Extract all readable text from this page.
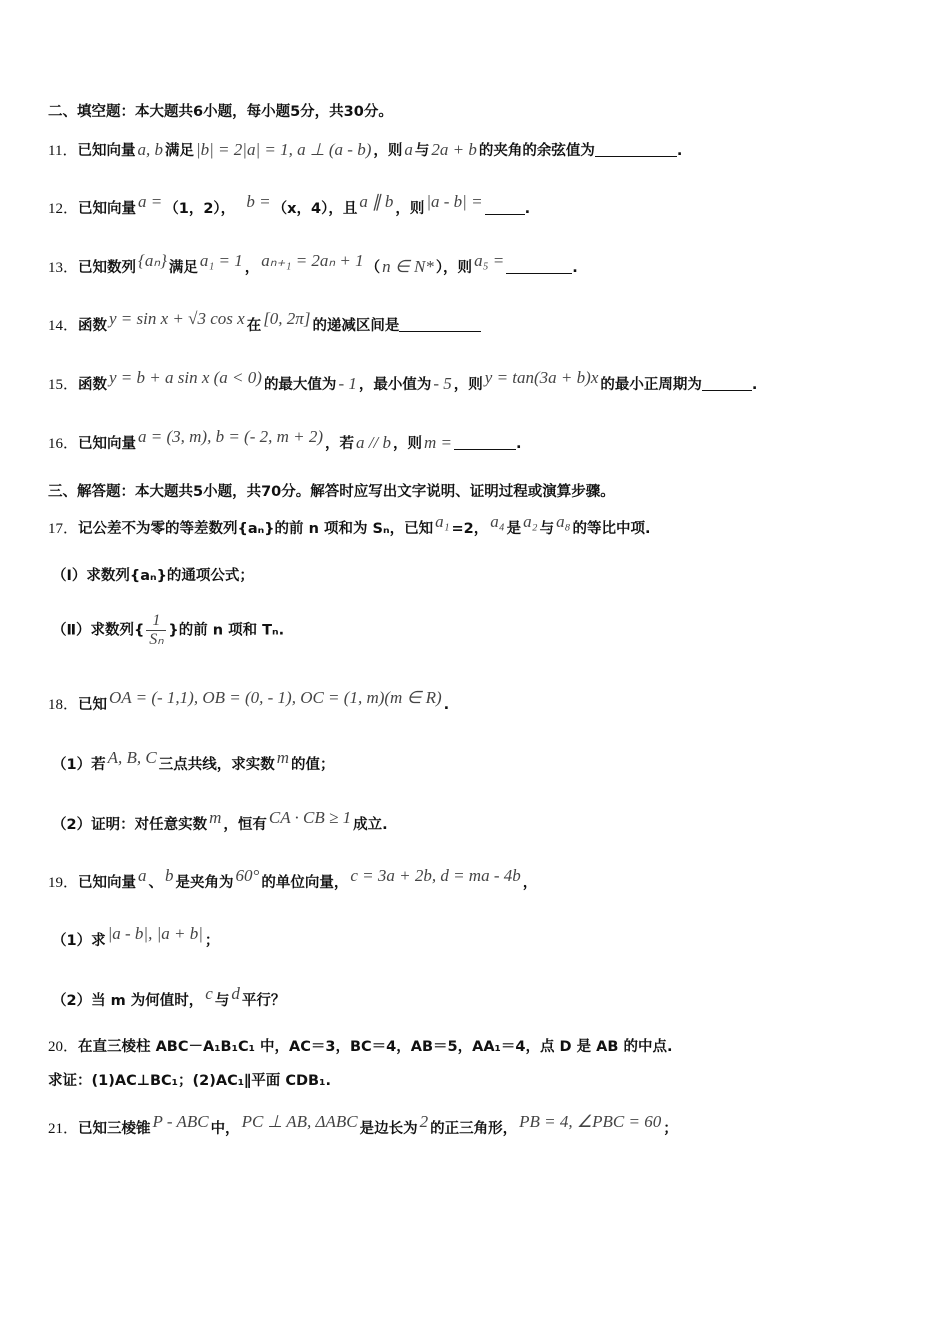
二、填空题：本大题共6小题，每小题5分，共30分。
11．已知向量 a, b 满足 |b| = 2|a| = 1, a ⊥ (a - b) ，则 a 与 2a + b 的夹角的余弦值为	.
12．已知向量 a = （1，2）， b = （x，4），且 a ∥ b ，则 |a - b| =	.
13．已知数列 {aₙ} 满足 a₁ = 1 ， aₙ₊₁ = 2aₙ + 1 （ n ∈ N* ），则 a₅ =	.
14．函数 y = sin x + √3 cos x 在 [0, 2π] 的递减区间是
15．函数 y = b + a sin x (a < 0) 的最大值为 - 1 ，最小值为 - 5 ，则 y = tan(3a + b)x 的最小正周期为	.
16．已知向量 a = (3, m), b = (- 2, m + 2) ，若 a // b ，则 m =	.
三、解答题：本大题共5小题，共70分。解答时应写出文字说明、证明过程或演算步骤。
17．记公差不为零的等差数列{aₙ}的前 n 项和为 Sₙ，已知 a₁ =2， a₄ 是 a₂ 与 a₈ 的等比中项.
（Ⅰ）求数列{aₙ}的通项公式；
（Ⅱ）求数列{ $\frac{1}{\text{Sₙ}}$ }的前 n 项和 Tₙ.
18．已知 OA = (- 1,1), OB = (0, - 1), OC = (1, m)(m ∈ R) .
（1）若 A, B, C 三点共线，求实数 m 的值；
（2）证明：对任意实数 m ，恒有 CA · CB ≥ 1 成立.
19．已知向量 a 、 b 是夹角为 60° 的单位向量， c = 3a + 2b, d = ma - 4b ，
（1）求 |a - b|, |a + b| ；
（2）当 m 为何值时， c 与 d 平行？
20．在直三棱柱 ABC－A₁B₁C₁ 中，AC＝3，BC＝4，AB＝5，AA₁＝4，点 D 是 AB 的中点.
求证：(1)AC⊥BC₁；(2)AC₁∥平面 CDB₁.
21．已知三棱锥 P - ABC 中， PC ⊥ AB, ΔABC 是边长为 2 的正三角形， PB = 4, ∠PBC = 60 ；
